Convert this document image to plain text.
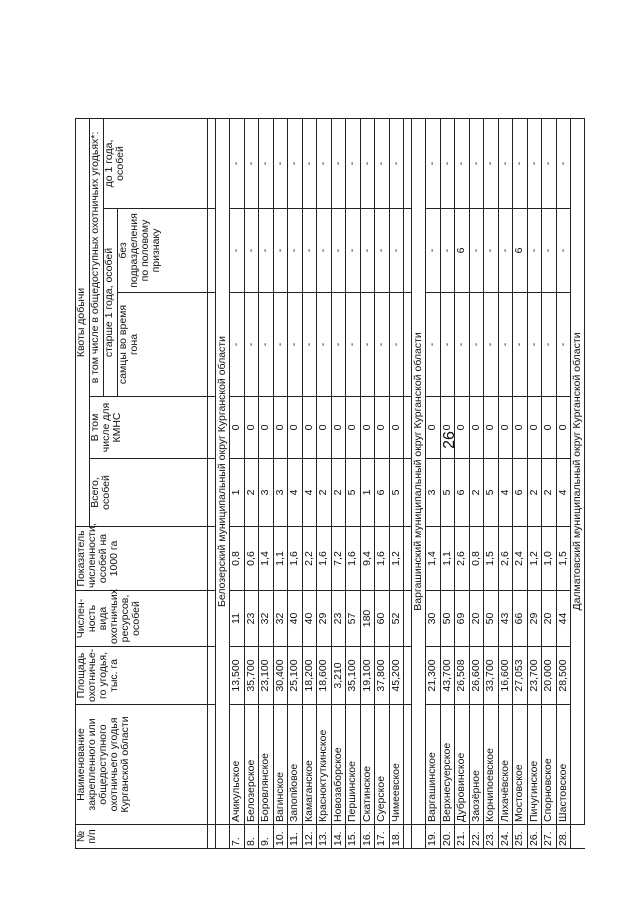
26
№ п/п	Наименование закрепленного или общедоступного охотничьего угодья Курганской области	Площадь охотничье-го угодья, тыс. га	Числен-ность вида охотничьих ресурсов, особей	Показатель численности, особей на 1000 га	Квоты добычи				
					Всего, особей	В том числе для КМНС	в том числе в общедоступных охотничьих угодьях*:		
							старше 1 года, особей		до 1 года, особей
							самцы во время гона	без подразделения по половому признаку	

	Белозерский муниципальный округ Курганской области								
7.	Ачикульское	13,500	11	0,8	1	0	-	-	-
8.	Белозерское	35,700	23	0,6	2	0	-	-	-
9.	Боровлянское	23,100	32	1,4	3	0	-	-	-
10.	Вагинское	30,400	32	1,1	3	0	-	-	-
11.	Запопйовое	25,100	40	1,6	4	0	-	-	-
12.	Камаганское	18,200	40	2,2	4	0	-	-	-
13.	Красноктуткинское	18,600	29	1,6	2	0	-	-	-
14.	Новозаборское	3,210	23	7,2	2	0	-	-	-
15.	Першинское	35,100	57	1,6	5	0	-	-	-
16.	Скатинское	19,100	180	9,4	1	0	-	-	-
17.	Суерское	37,800	60	1,6	6	0	-	-	-
18.	Чимеевское	45,200	52	1,2	5	0	-	-	-

	Варгашинский муниципальный округ Курганской области								
19.	Варгашинское	21,300	30	1,4	3	0	-	-	-
20.	Верхнесуерское	43,700	50	1,1	5	0	-	-	-
21.	Дубровинское	26,508	69	2,6	6	0	-	6	-
22.	Заозёрное	26,600	20	0,8	2	0	-	-	-
23.	Корнипоевское	33,700	50	1,5	5	0	-	-	-
24.	Лихачёвское	16,600	43	2,6	4	0	-	-	-
25.	Мостовское	27,053	66	2,4	6	0	-	6	-
26.	Пичугинское	23,700	29	1,2	2	0	-	-	-
27.	Спорновское	20,000	20	1,0	2	0	-	-	-
28.	Шастовское	28,500	44	1,5	4	0	-	-	-
	Далматовский муниципальный округ Курганской области								
